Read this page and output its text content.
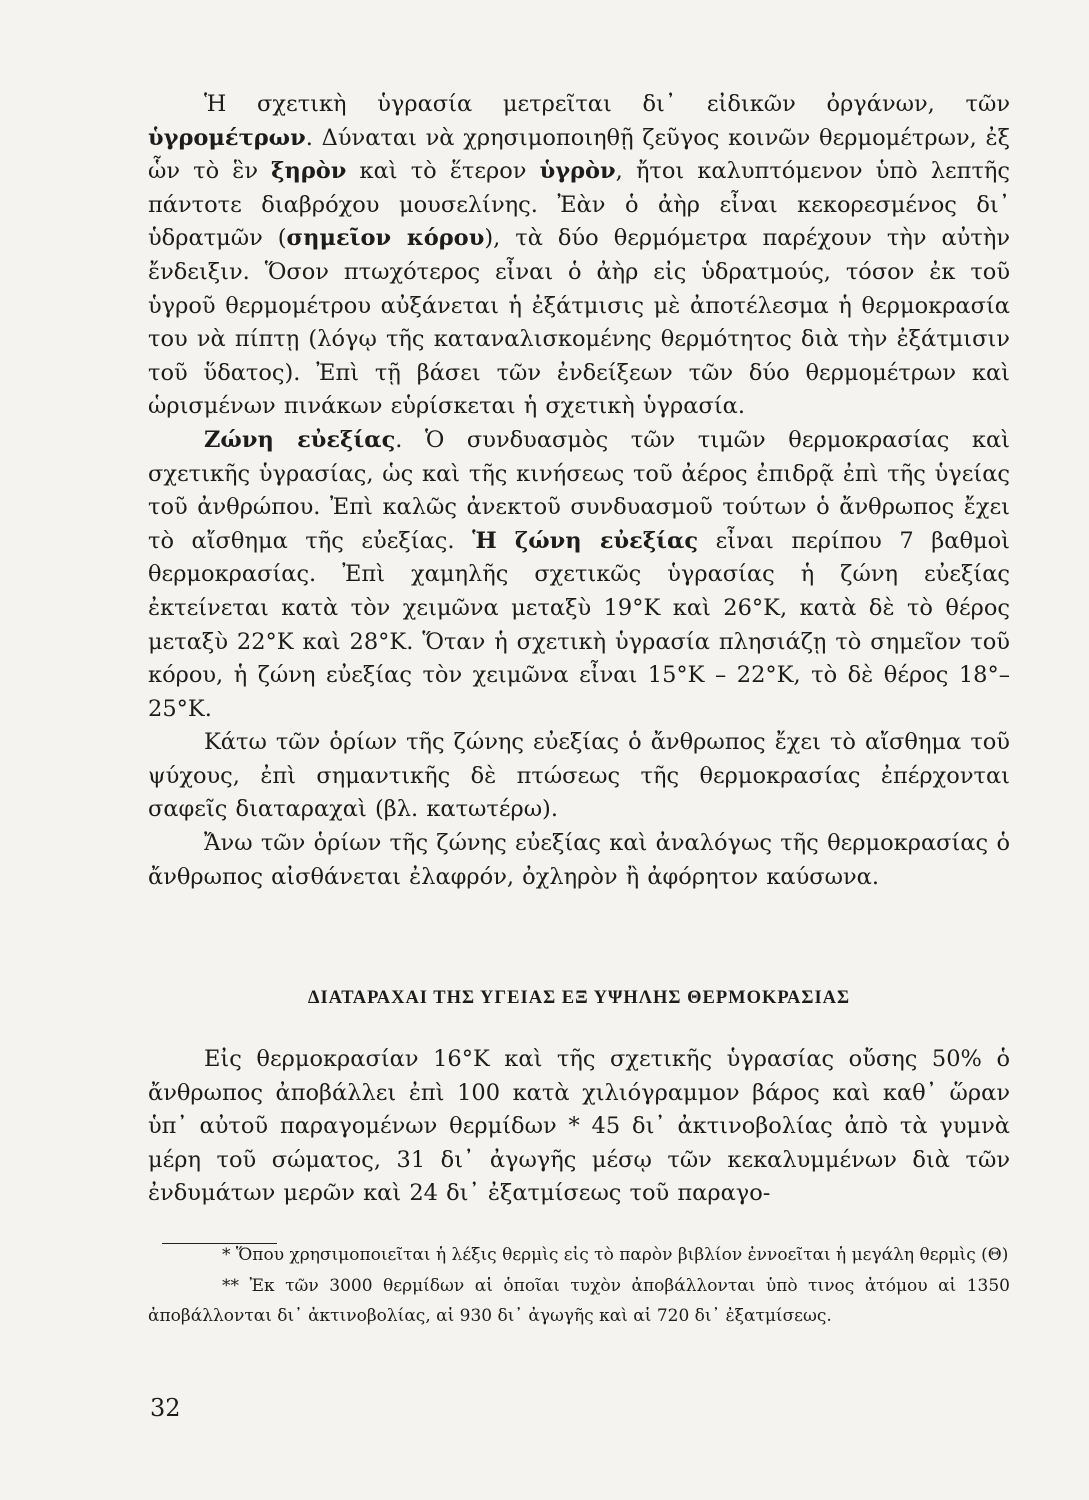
Ἡ σχετικὴ ὑγρασία μετρεῖται δι᾽ εἰδικῶν ὀργάνων, τῶν ὑγρομέτρων. Δύναται νὰ χρησιμοποιηθῇ ζεῦγος κοινῶν θερμομέτρων, ἐξ ὧν τὸ ἓν ξηρὸν καὶ τὸ ἕτερον ὑγρὸν, ἤτοι καλυπτόμενον ὑπὸ λεπτῆς πάντοτε διαβρόχου μουσελίνης. Ἐὰν ὁ ἀὴρ εἶναι κεκορεσμένος δι᾽ ὑδρατμῶν (σημεῖον κόρου), τὰ δύο θερμόμετρα παρέχουν τὴν αὐτὴν ἔνδειξιν. Ὅσον πτωχότερος εἶναι ὁ ἀὴρ εἰς ὑδρατμούς, τόσον ἐκ τοῦ ὑγροῦ θερμομέτρου αὐξάνεται ἡ ἐξάτμισις μὲ ἀποτέλεσμα ἡ θερμοκρασία του νὰ πίπτῃ (λόγῳ τῆς καταναλισκομένης θερμότητος διὰ τὴν ἐξάτμισιν τοῦ ὕδατος). Ἐπὶ τῇ βάσει τῶν ἐνδείξεων τῶν δύο θερμομέτρων καὶ ὡρισμένων πινάκων εὑρίσκεται ἡ σχετικὴ ὑγρασία.

Ζώνη εὐεξίας. Ὁ συνδυασμὸς τῶν τιμῶν θερμοκρασίας καὶ σχετικῆς ὑγρασίας, ὡς καὶ τῆς κινήσεως τοῦ ἀέρος ἐπιδρᾷ ἐπὶ τῆς ὑγείας τοῦ ἀνθρώπου. Ἐπὶ καλῶς ἀνεκτοῦ συνδυασμοῦ τούτων ὁ ἄνθρωπος ἔχει τὸ αἴσθημα τῆς εὐεξίας. Ἡ ζώνη εὐεξίας εἶναι περίπου 7 βαθμοὶ θερμοκρασίας. Ἐπὶ χαμηλῆς σχετικῶς ὑγρασίας ἡ ζώνη εὐεξίας ἐκτείνεται κατὰ τὸν χειμῶνα μεταξὺ 19°Κ καὶ 26°Κ, κατὰ δὲ τὸ θέρος μεταξὺ 22°Κ καὶ 28°Κ. Ὅταν ἡ σχετικὴ ὑγρασία πλησιάζῃ τὸ σημεῖον τοῦ κόρου, ἡ ζώνη εὐεξίας τὸν χειμῶνα εἶναι 15°Κ – 22°Κ, τὸ δὲ θέρος 18°–25°Κ.

Κάτω τῶν ὁρίων τῆς ζώνης εὐεξίας ὁ ἄνθρωπος ἔχει τὸ αἴσθημα τοῦ ψύχους, ἐπὶ σημαντικῆς δὲ πτώσεως τῆς θερμοκρασίας ἐπέρχονται σαφεῖς διαταραχαὶ (βλ. κατωτέρω).

Ἄνω τῶν ὁρίων τῆς ζώνης εὐεξίας καὶ ἀναλόγως τῆς θερμοκρασίας ὁ ἄνθρωπος αἰσθάνεται ἐλαφρόν, ὀχληρὸν ἢ ἀφόρητον καύσωνα.

ΔΙΑΤΑΡΑΧΑΙ ΤΗΣ ΥΓΕΙΑΣ ΕΞ ΥΨΗΛΗΣ ΘΕΡΜΟΚΡΑΣΙΑΣ

Εἰς θερμοκρασίαν 16°Κ καὶ τῆς σχετικῆς ὑγρασίας οὔσης 50% ὁ ἄνθρωπος ἀποβάλλει ἐπὶ 100 κατὰ χιλιόγραμμον βάρος καὶ καθ᾽ ὥραν ὑπ᾽ αὐτοῦ παραγομένων θερμίδων * 45 δι᾽ ἀκτινοβολίας ἀπὸ τὰ γυμνὰ μέρη τοῦ σώματος, 31 δι᾽ ἀγωγῆς μέσῳ τῶν κεκαλυμμένων διὰ τῶν ἐνδυμάτων μερῶν καὶ 24 δι᾽ ἐξατμίσεως τοῦ παραγο-

* Ὅπου χρησιμοποιεῖται ἡ λέξις θερμὶς εἰς τὸ παρὸν βιβλίον ἐννοεῖται ἡ μεγάλη θερμὶς (Θ)

** Ἐκ τῶν 3000 θερμίδων αἱ ὁποῖαι τυχὸν ἀποβάλλονται ὑπὸ τινος ἀτόμου αἱ 1350 ἀποβάλλονται δι᾽ ἀκτινοβολίας, αἱ 930 δι᾽ ἀγωγῆς καὶ αἱ 720 δι᾽ ἐξατμίσεως.

32
